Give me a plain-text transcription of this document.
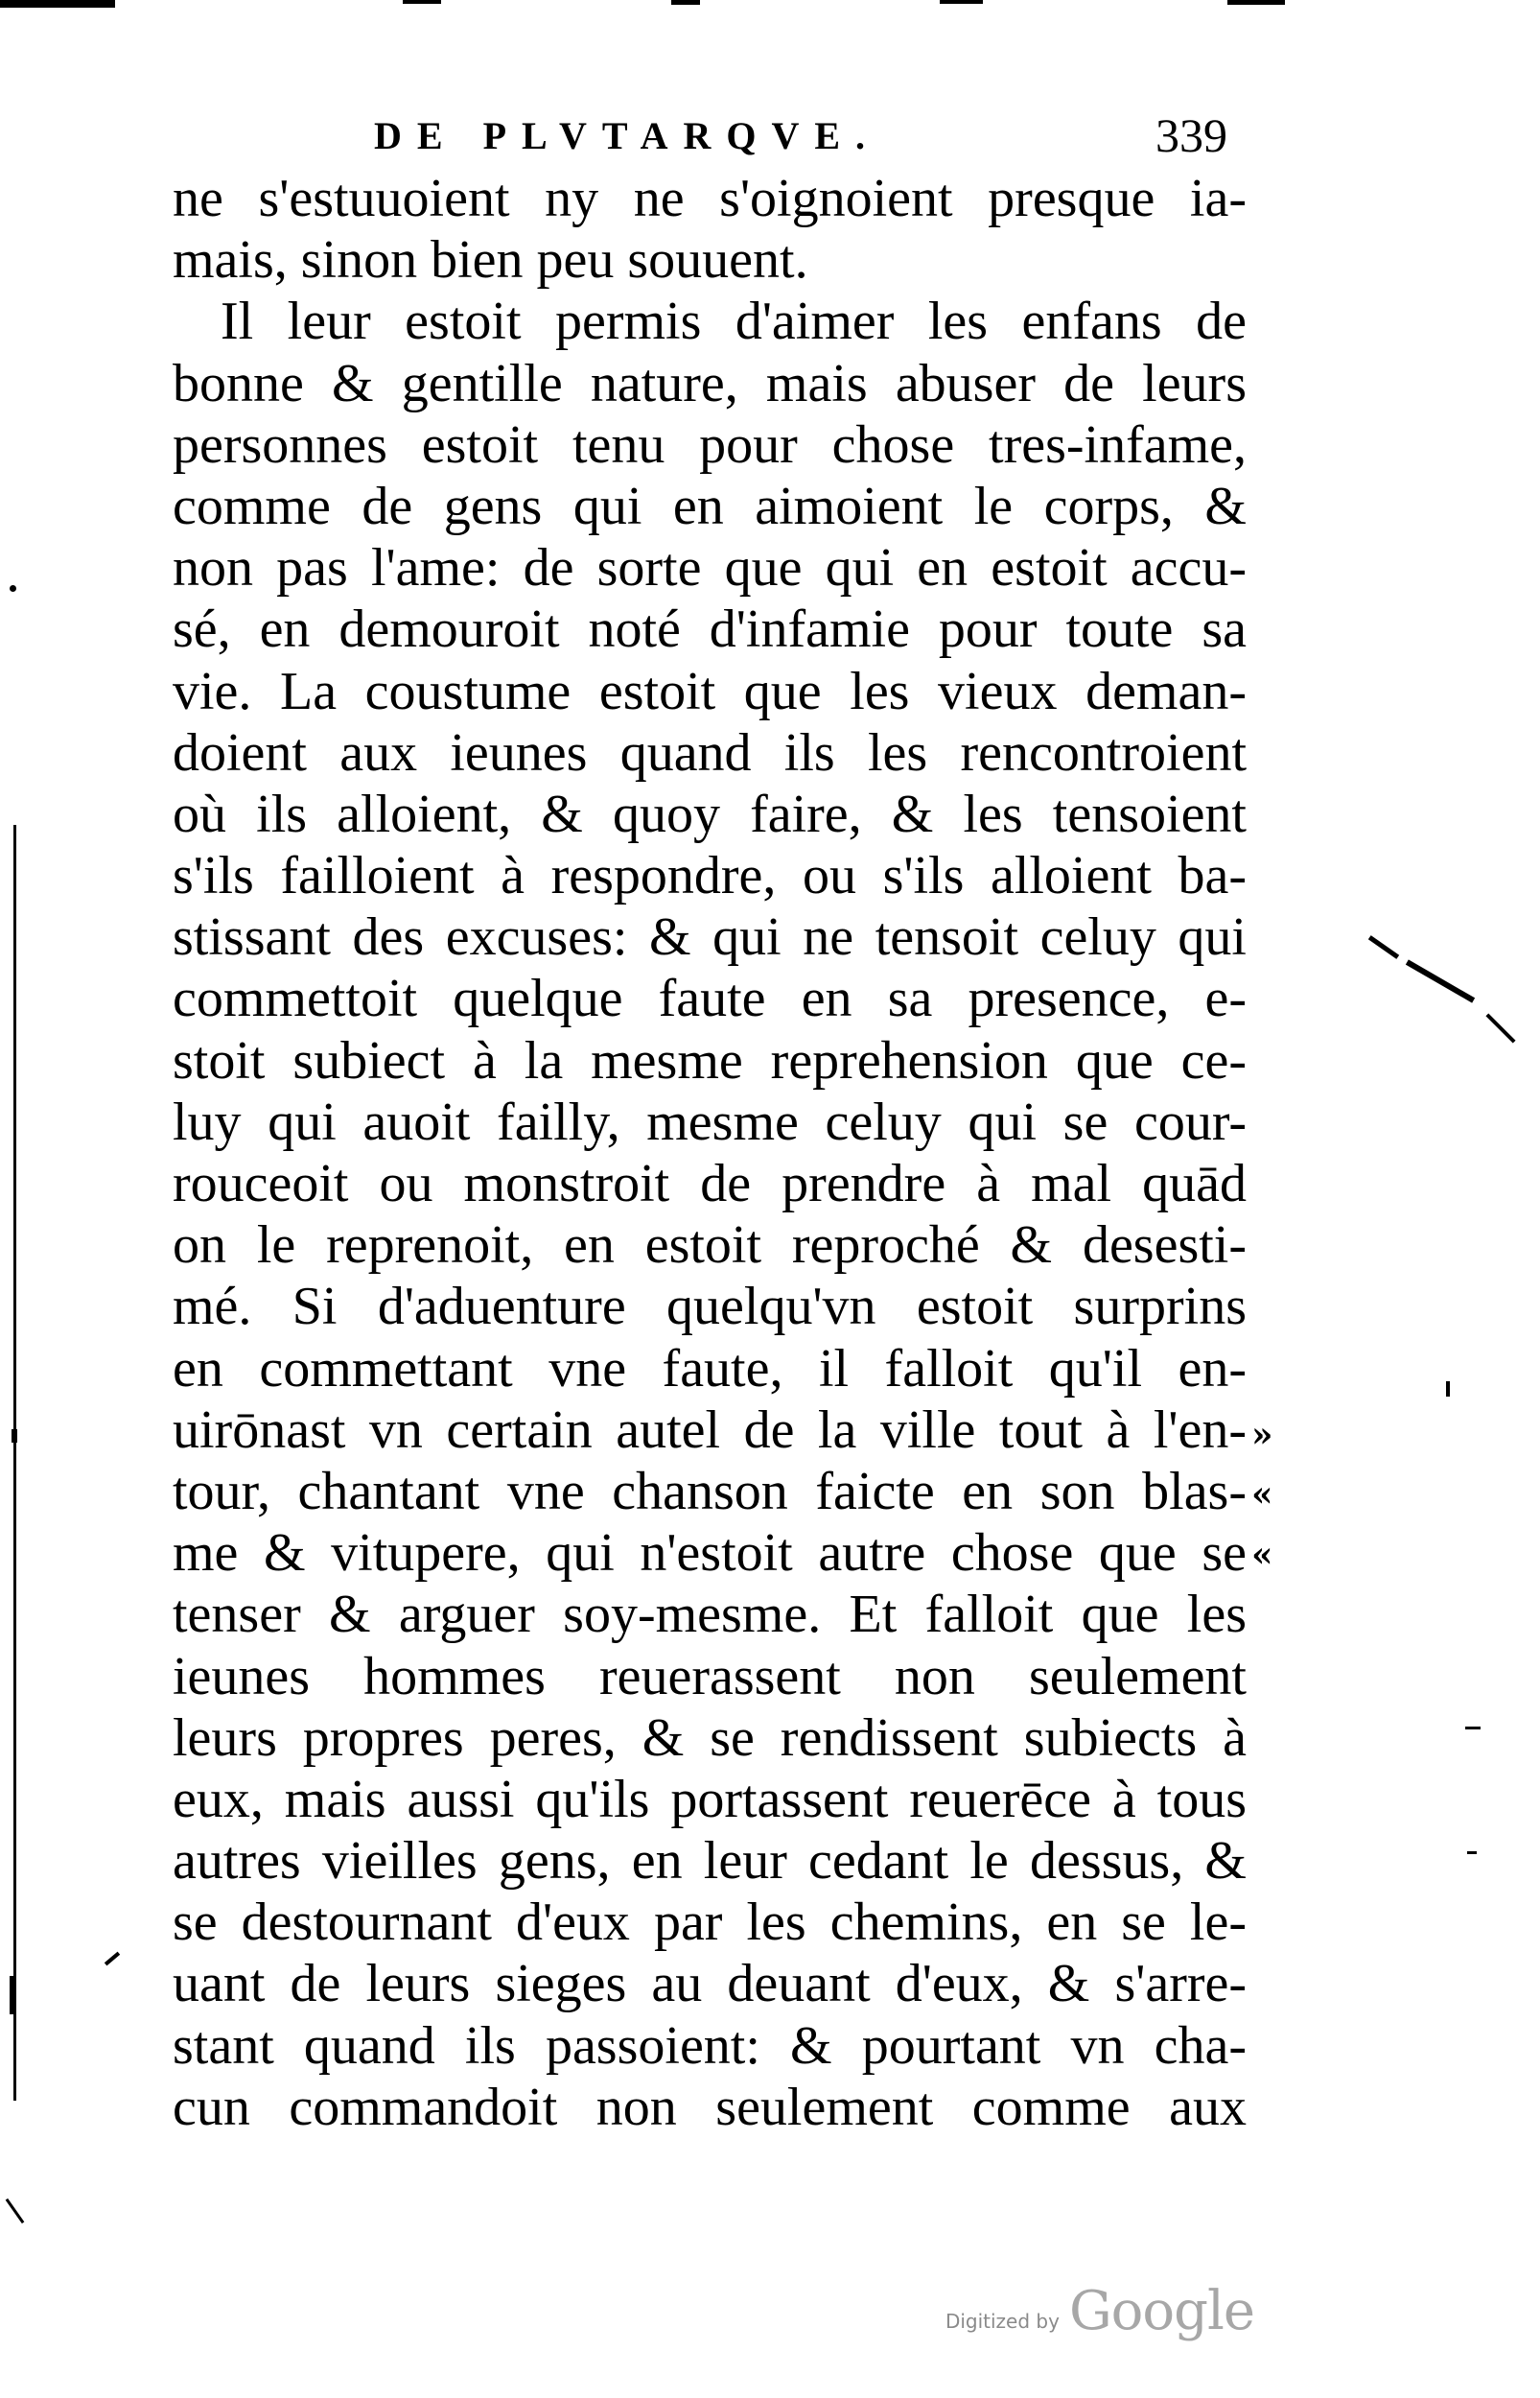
DE PLVTARQVE.	339
ne s'estuuoient ny ne s'oignoient presque ia-
mais, sinon bien peu souuent.
Il leur estoit permis d'aimer les enfans de
bonne & gentille nature, mais abuser de leurs
personnes estoit tenu pour chose tres-infame,
comme de gens qui en aimoient le corps, &
non pas l'ame: de sorte que qui en estoit accu-
sé, en demouroit noté d'infamie pour toute sa
vie. La coustume estoit que les vieux deman-
doient aux ieunes quand ils les rencontroient
où ils alloient, & quoy faire, & les tensoient
s'ils failloient à respondre, ou s'ils alloient ba-
stissant des excuses: & qui ne tensoit celuy qui
commettoit quelque faute en sa presence, e-
stoit subiect à la mesme reprehension que ce-
luy qui auoit failly, mesme celuy qui se cour-
rouceoit ou monstroit de prendre à mal quād
on le reprenoit, en estoit reproché & desesti-
mé. Si d'aduenture quelqu'vn estoit surprins
en commettant vne faute, il falloit qu'il en-
uirōnast vn certain autel de la ville tout à l'en-
tour, chantant vne chanson faicte en son blas-
me & vitupere, qui n'estoit autre chose que se
tenser & arguer soy-mesme. Et falloit que les
ieunes hommes reuerassent non seulement
leurs propres peres, & se rendissent subiects à
eux, mais aussi qu'ils portassent reuerēce à tous
autres vieilles gens, en leur cedant le dessus, &
se destournant d'eux par les chemins, en se le-
uant de leurs sieges au deuant d'eux, & s'arre-
stant quand ils passoient: & pourtant vn cha-
cun commandoit non seulement comme aux
»
«
«
Digitized by Google
